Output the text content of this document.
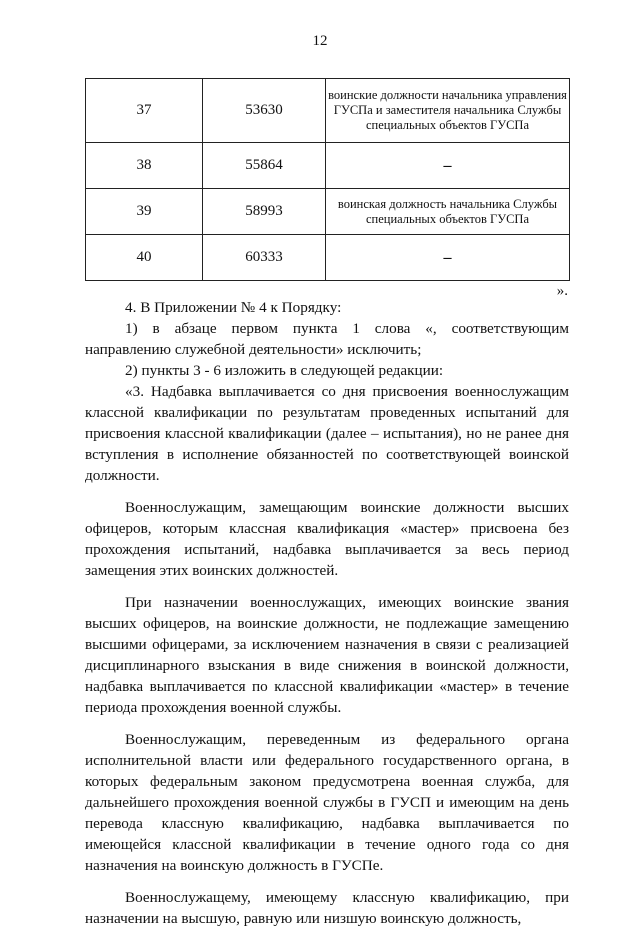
12
37	53630	воинские должности начальника управления ГУСПа и заместителя начальника Службы специальных объектов ГУСПа
38	55864	–
39	58993	воинская должность начальника Службы специальных объектов ГУСПа
40	60333	–
».

4. В Приложении № 4 к Порядку:

1) в абзаце первом пункта 1 слова «, соответствующим направлению служебной деятельности» исключить;

2) пункты 3 - 6 изложить в следующей редакции:

«3. Надбавка выплачивается со дня присвоения военнослужащим классной квалификации по результатам проведенных испытаний для присвоения классной квалификации (далее – испытания), но не ранее дня вступления в исполнение обязанностей по соответствующей воинской должности.

Военнослужащим, замещающим воинские должности высших офицеров, которым классная квалификация «мастер» присвоена без прохождения испытаний, надбавка выплачивается за весь период замещения этих воинских должностей.

При назначении военнослужащих, имеющих воинские звания высших офицеров, на воинские должности, не подлежащие замещению высшими офицерами, за исключением назначения в связи с реализацией дисциплинарного взыскания в виде снижения в воинской должности, надбавка выплачивается по классной квалификации «мастер» в течение периода прохождения военной службы.

Военнослужащим, переведенным из федерального органа исполнительной власти или федерального государственного органа, в которых федеральным законом предусмотрена военная служба, для дальнейшего прохождения военной службы в ГУСП и имеющим на день перевода классную квалификацию, надбавка выплачивается по имеющейся классной квалификации в течение одного года со дня назначения на воинскую должность в ГУСПе.

Военнослужащему, имеющему классную квалификацию, при назначении на высшую, равную или низшую воинскую должность,
